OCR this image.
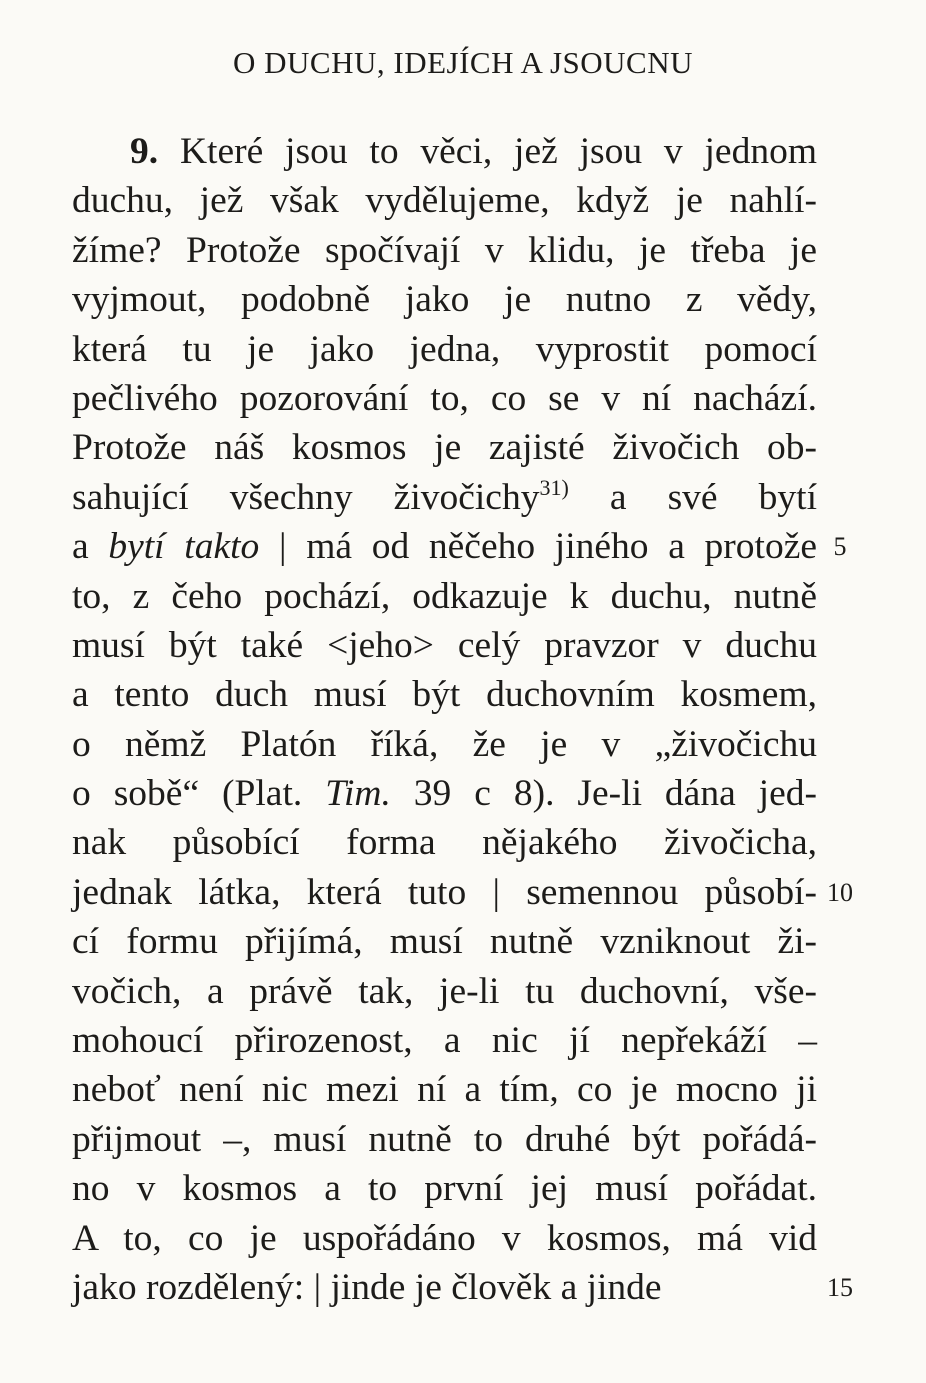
O DUCHU, IDEJÍCH A JSOUCNU
9. Které jsou to věci, jež jsou v jednom
duchu, jež však vydělujeme, když je nahlí-
žíme? Protože spočívají v klidu, je třeba je
vyjmout, podobně jako je nutno z vědy,
která tu je jako jedna, vyprostit pomocí
pečlivého pozorování to, co se v ní nachází.
Protože náš kosmos je zajisté živočich ob-
sahující všechny živočichy$^{31)}$ a své bytí
a bytí takto | má od něčeho jiného a protože
to, z čeho pochází, odkazuje k duchu, nutně
musí být také <jeho> celý pravzor v duchu
a tento duch musí být duchovním kosmem,
o němž Platón říká, že je v „živočichu
o sobě“ (Plat. Tim. 39 c 8). Je-li dána jed-
nak působící forma nějakého živočicha,
jednak látka, která tuto | semennou působí-
cí formu přijímá, musí nutně vzniknout ži-
vočich, a právě tak, je-li tu duchovní, vše-
mohoucí přirozenost, a nic jí nepřekáží –
neboť není nic mezi ní a tím, co je mocno ji
přijmout –, musí nutně to druhé být pořádá-
no v kosmos a to první jej musí pořádat.
A to, co je uspořádáno v kosmos, má vid
jako rozdělený: | jinde je člověk a jinde
5
10
15
